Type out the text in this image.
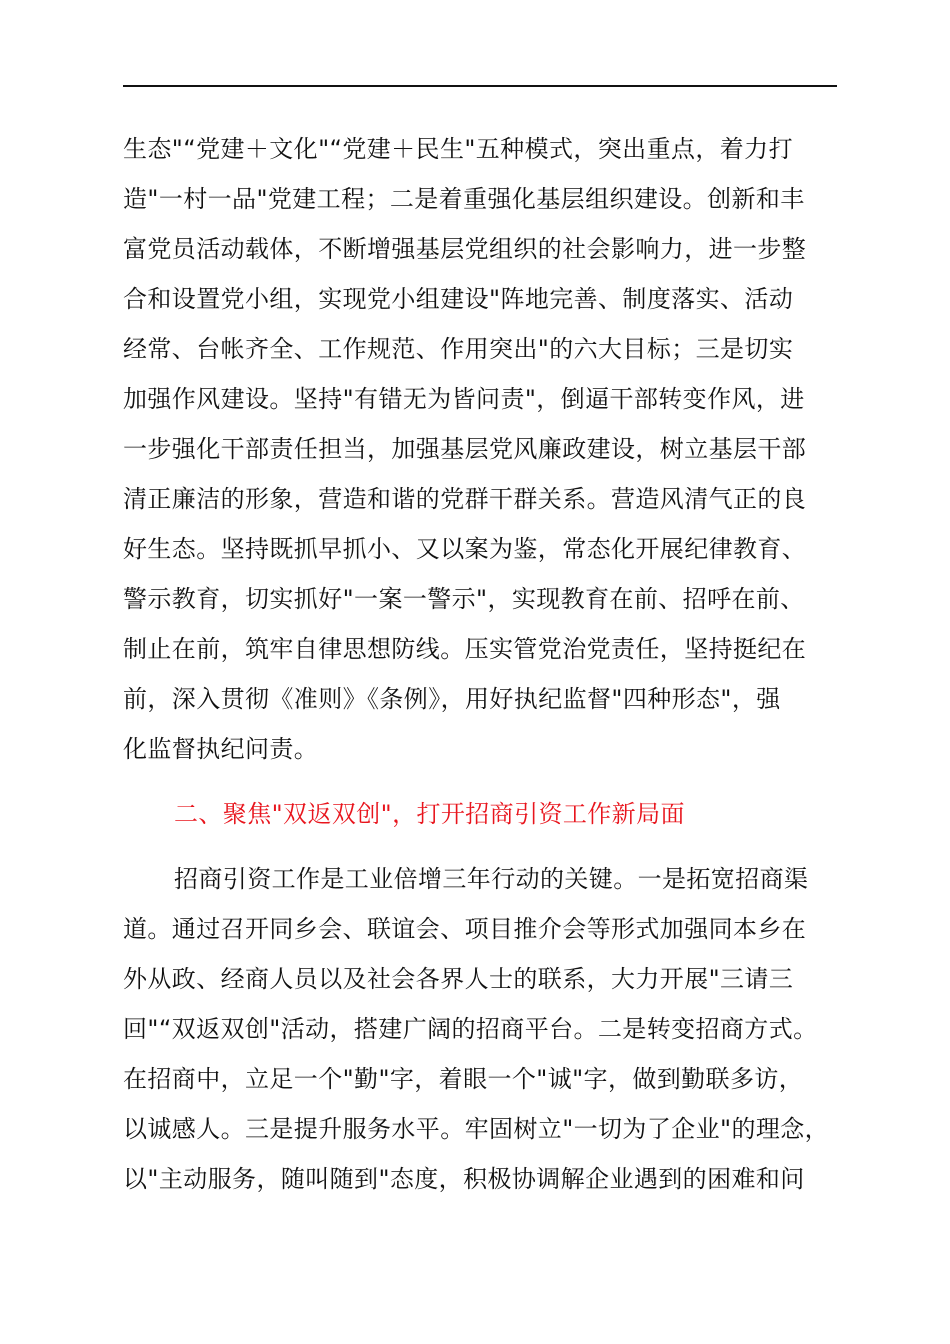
生态"“党建＋文化"“党建＋民生"五种模式，突出重点，着力打
造"一村一品"党建工程；二是着重强化基层组织建设。创新和丰
富党员活动载体，不断增强基层党组织的社会影响力，进一步整
合和设置党小组，实现党小组建设"阵地完善、制度落实、活动
经常、台帐齐全、工作规范、作用突出"的六大目标；三是切实
加强作风建设。坚持"有错无为皆问责"，倒逼干部转变作风，进
一步强化干部责任担当，加强基层党风廉政建设，树立基层干部
清正廉洁的形象，营造和谐的党群干群关系。营造风清气正的良
好生态。坚持既抓早抓小、又以案为鉴，常态化开展纪律教育、
警示教育，切实抓好"一案一警示"，实现教育在前、招呼在前、
制止在前，筑牢自律思想防线。压实管党治党责任，坚持挺纪在
前，深入贯彻《准则》《条例》，用好执纪监督"四种形态"，强
化监督执纪问责。
二、聚焦"双返双创"，打开招商引资工作新局面
招商引资工作是工业倍增三年行动的关键。一是拓宽招商渠
道。通过召开同乡会、联谊会、项目推介会等形式加强同本乡在
外从政、经商人员以及社会各界人士的联系，大力开展"三请三
回"“双返双创"活动，搭建广阔的招商平台。二是转变招商方式。
在招商中，立足一个"勤"字，着眼一个"诚"字，做到勤联多访，
以诚感人。三是提升服务水平。牢固树立"一切为了企业"的理念，
以"主动服务，随叫随到"态度，积极协调解企业遇到的困难和问
